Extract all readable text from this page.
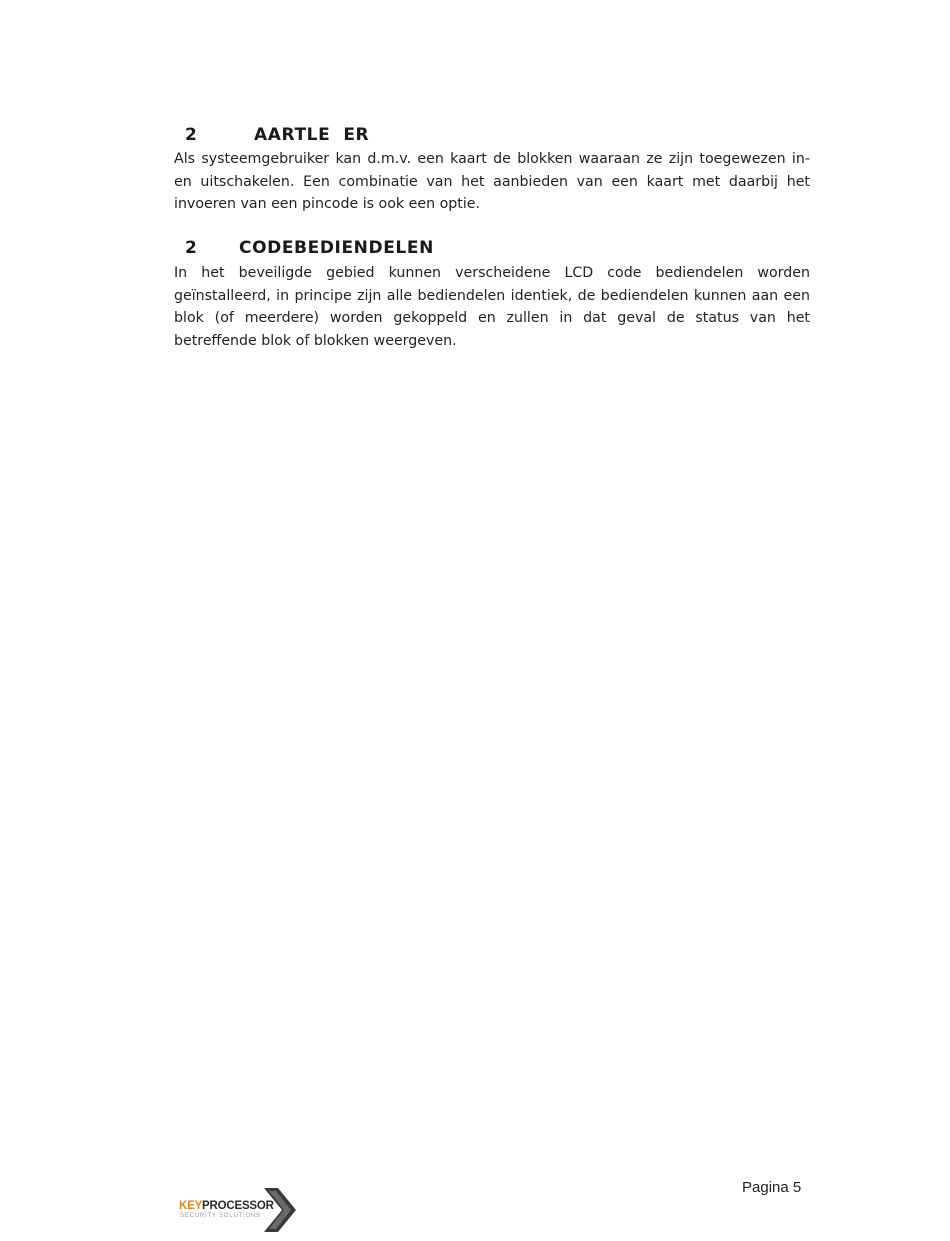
2	AARTLE  ER

Als systeemgebruiker kan d.m.v. een kaart de blokken waaraan ze zijn toegewezen in- en uitschakelen. Een combinatie van het aanbieden van een kaart met daarbij het invoeren van een pincode is ook een optie.

2 CODEBEDIENDELEN

In het beveiligde gebied kunnen verscheidene LCD code bediendelen worden geïnstalleerd, in principe zijn alle bediendelen identiek, de bediendelen kunnen aan een blok (of meerdere) worden gekoppeld en zullen in dat geval de status van het betreffende blok of blokken weergeven.

Pagina 5
KEYPROCESSOR
SECURITY SOLUTIONS
